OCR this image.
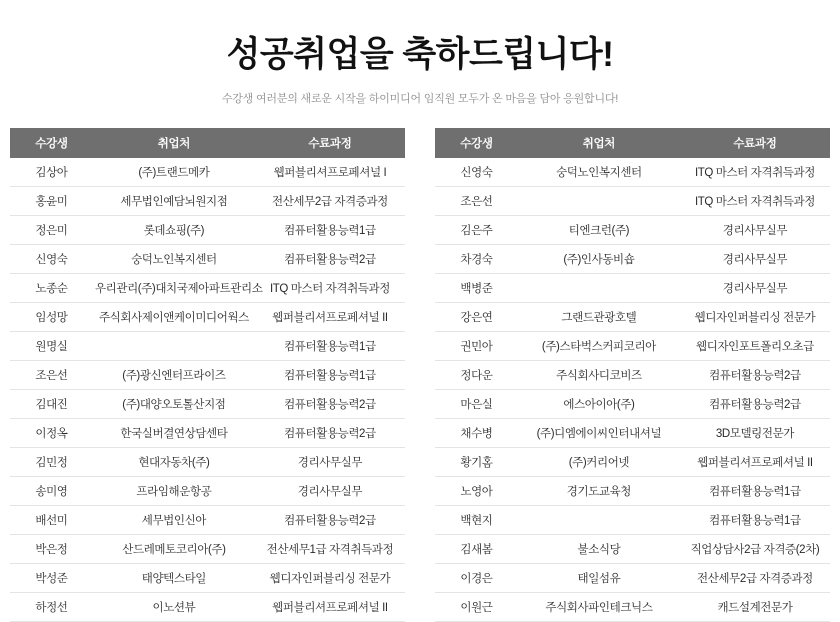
성공취업을 축하드립니다!
수강생 여러분의 새로운 시작을 하이미디어 임직원 모두가 온 마음을 담아 응원합니다!
수강생	취업처	수료과정
김상아	(주)트랜드메카	웹퍼블리셔프로페셔널 I
홍윤미	세무법인예담뇌원지점	전산세무2급 자격증과정
정은미	롯데쇼핑(주)	컴퓨터활용능력1급
신영숙	숭덕노인복지센터	컴퓨터활용능력2급
노종순	우리관리(주)대치국제아파트관리소	ITQ 마스터 자격취득과정
임성망	주식회사제이앤케이미디어웍스	웹퍼블리셔프로페셔널 II
원명실		컴퓨터활용능력1급
조은선	(주)광신엔터프라이즈	컴퓨터활용능력1급
김대진	(주)대양오토톨산지점	컴퓨터활용능력2급
이정옥	한국실버결연상담센타	컴퓨터활용능력2급
김민정	현대자동차(주)	경리사무실무
송미영	프라임해운항공	경리사무실무
배선미	세무법인신아	컴퓨터활용능력2급
박은정	산드레메토코리아(주)	전산세무1급 자격취득과정
박성준	태양텍스타일	웹디자인퍼블리싱 전문가
하정선	이노션뷰	웹퍼블리셔프로페셔널 II
수강생	취업처	수료과정
신영숙	숭덕노인복지센터	ITQ 마스터 자격취득과정
조은선		ITQ 마스터 자격취득과정
김은주	티엔크런(주)	경리사무실무
차경숙	(주)인사동비숍	경리사무실무
백병준		경리사무실무
강은연	그랜드관광호텔	웹디자인퍼블리싱 전문가
권민아	(주)스타벅스커피코리아	웹디자인포트폴리오초급
정다운	주식회사디코비즈	컴퓨터활용능력2급
마은실	에스아이아(주)	컴퓨터활용능력2급
채수병	(주)디엠에이씨인터내셔널	3D모델링전문가
황기홈	(주)커리어넷	웹퍼블리셔프로페셔널 II
노영아	경기도교육청	컴퓨터활용능력1급
백현지		컴퓨터활용능력1급
김새봄	불소식당	직업상담사2급 자격증(2차)
이경은	태일섬유	전산세무2급 자격증과정
이원근	주식회사파인테크닉스	캐드설계전문가
